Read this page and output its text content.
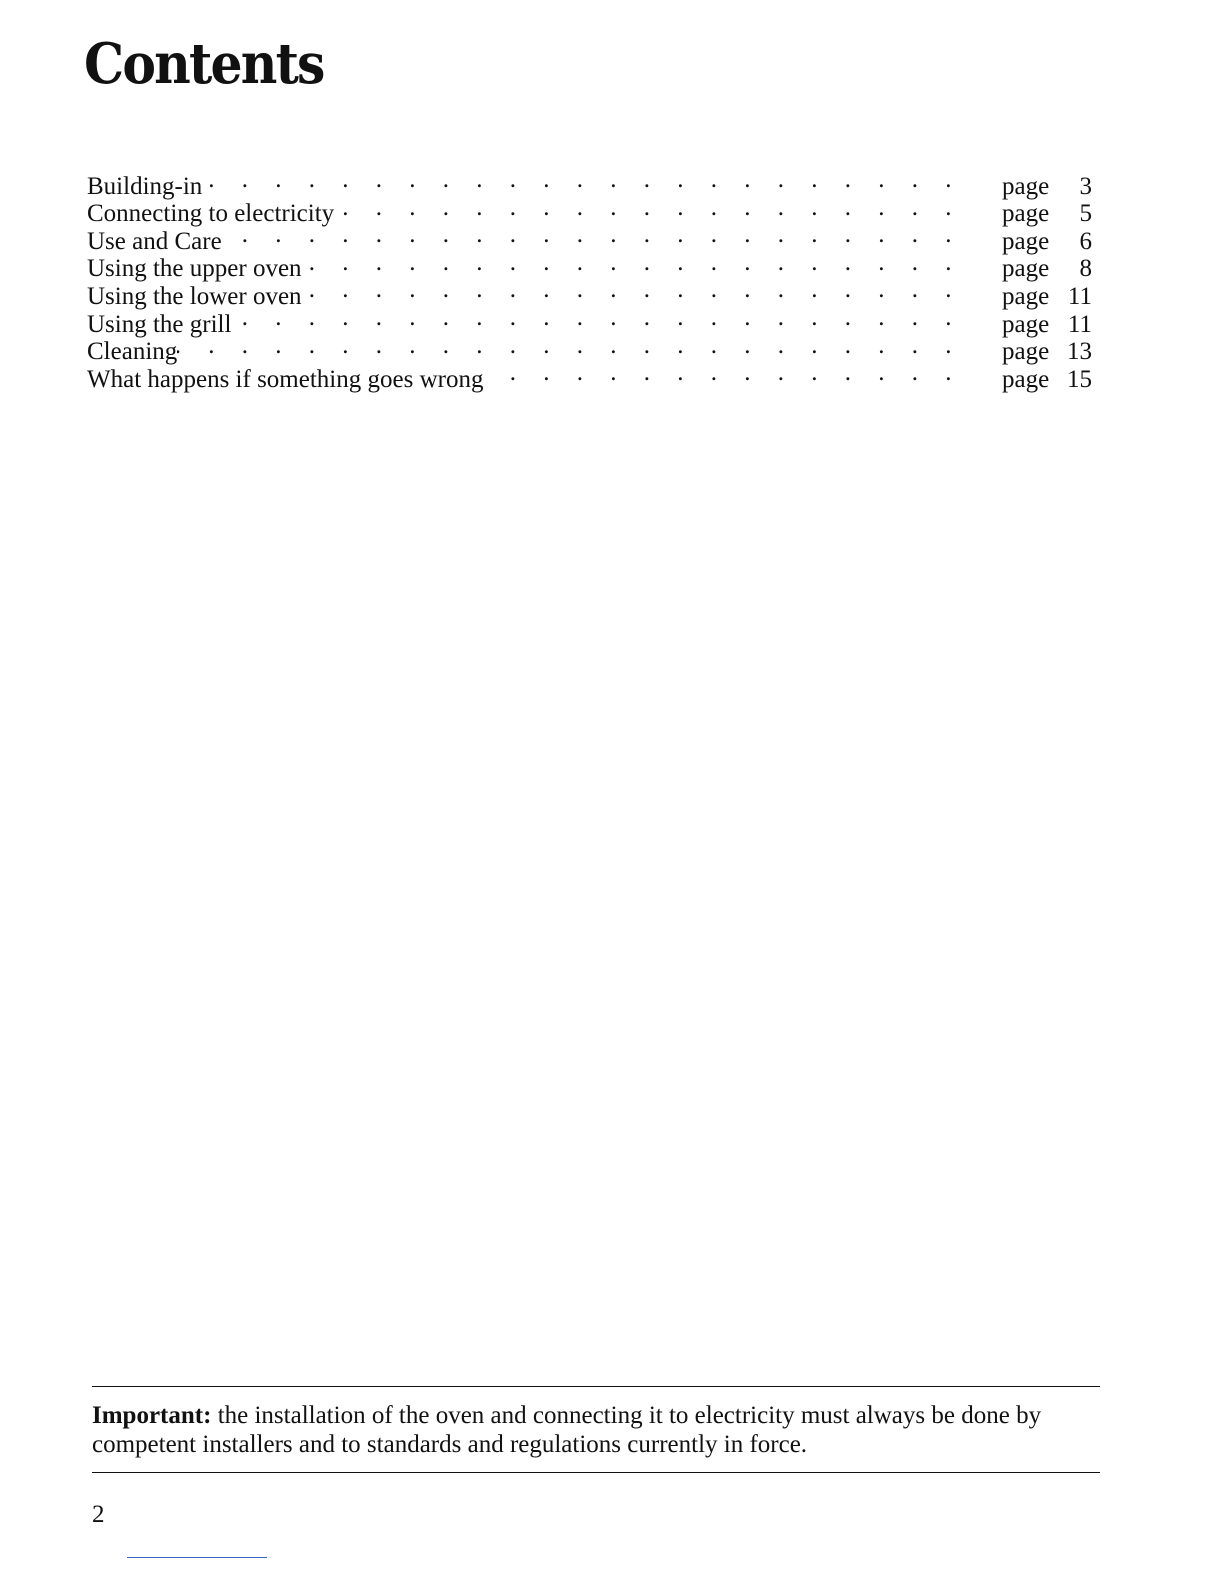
Contents
Building-in . . .	page	3
Connecting to electricity . . .	page	5
Use and Care . . .	page	6
Using the upper oven . . .	page	8
Using the lower oven . . .	page 11
Using the grill . . .	page 11
Cleaning . . .	page 13
What happens if something goes wrong . . .	page 15

Important: the installation of the oven and connecting it to electricity must always be done by competent installers and to standards and regulations currently in force.

2
